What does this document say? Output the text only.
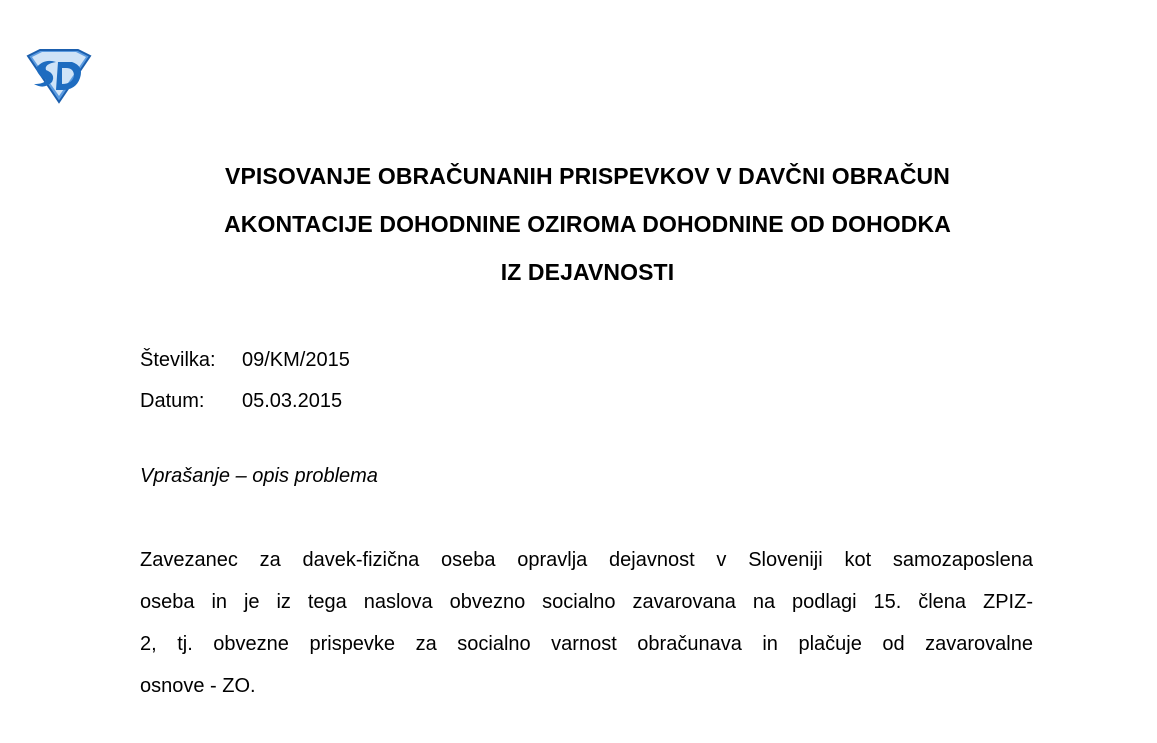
VPISOVANJE OBRAČUNANIH PRISPEVKOV V DAVČNI OBRAČUN
AKONTACIJE DOHODNINE OZIROMA DOHODNINE OD DOHODKA
IZ DEJAVNOSTI
Številka:	09/KM/2015
Datum:	05.03.2015
Vprašanje – opis problema
Zavezanec za davek-fizična oseba opravlja dejavnost v Sloveniji kot samozaposlena
oseba in je iz tega naslova obvezno socialno zavarovana na podlagi 15. člena ZPIZ-
2, tj. obvezne prispevke za socialno varnost obračunava in plačuje od zavarovalne
osnove - ZO.
